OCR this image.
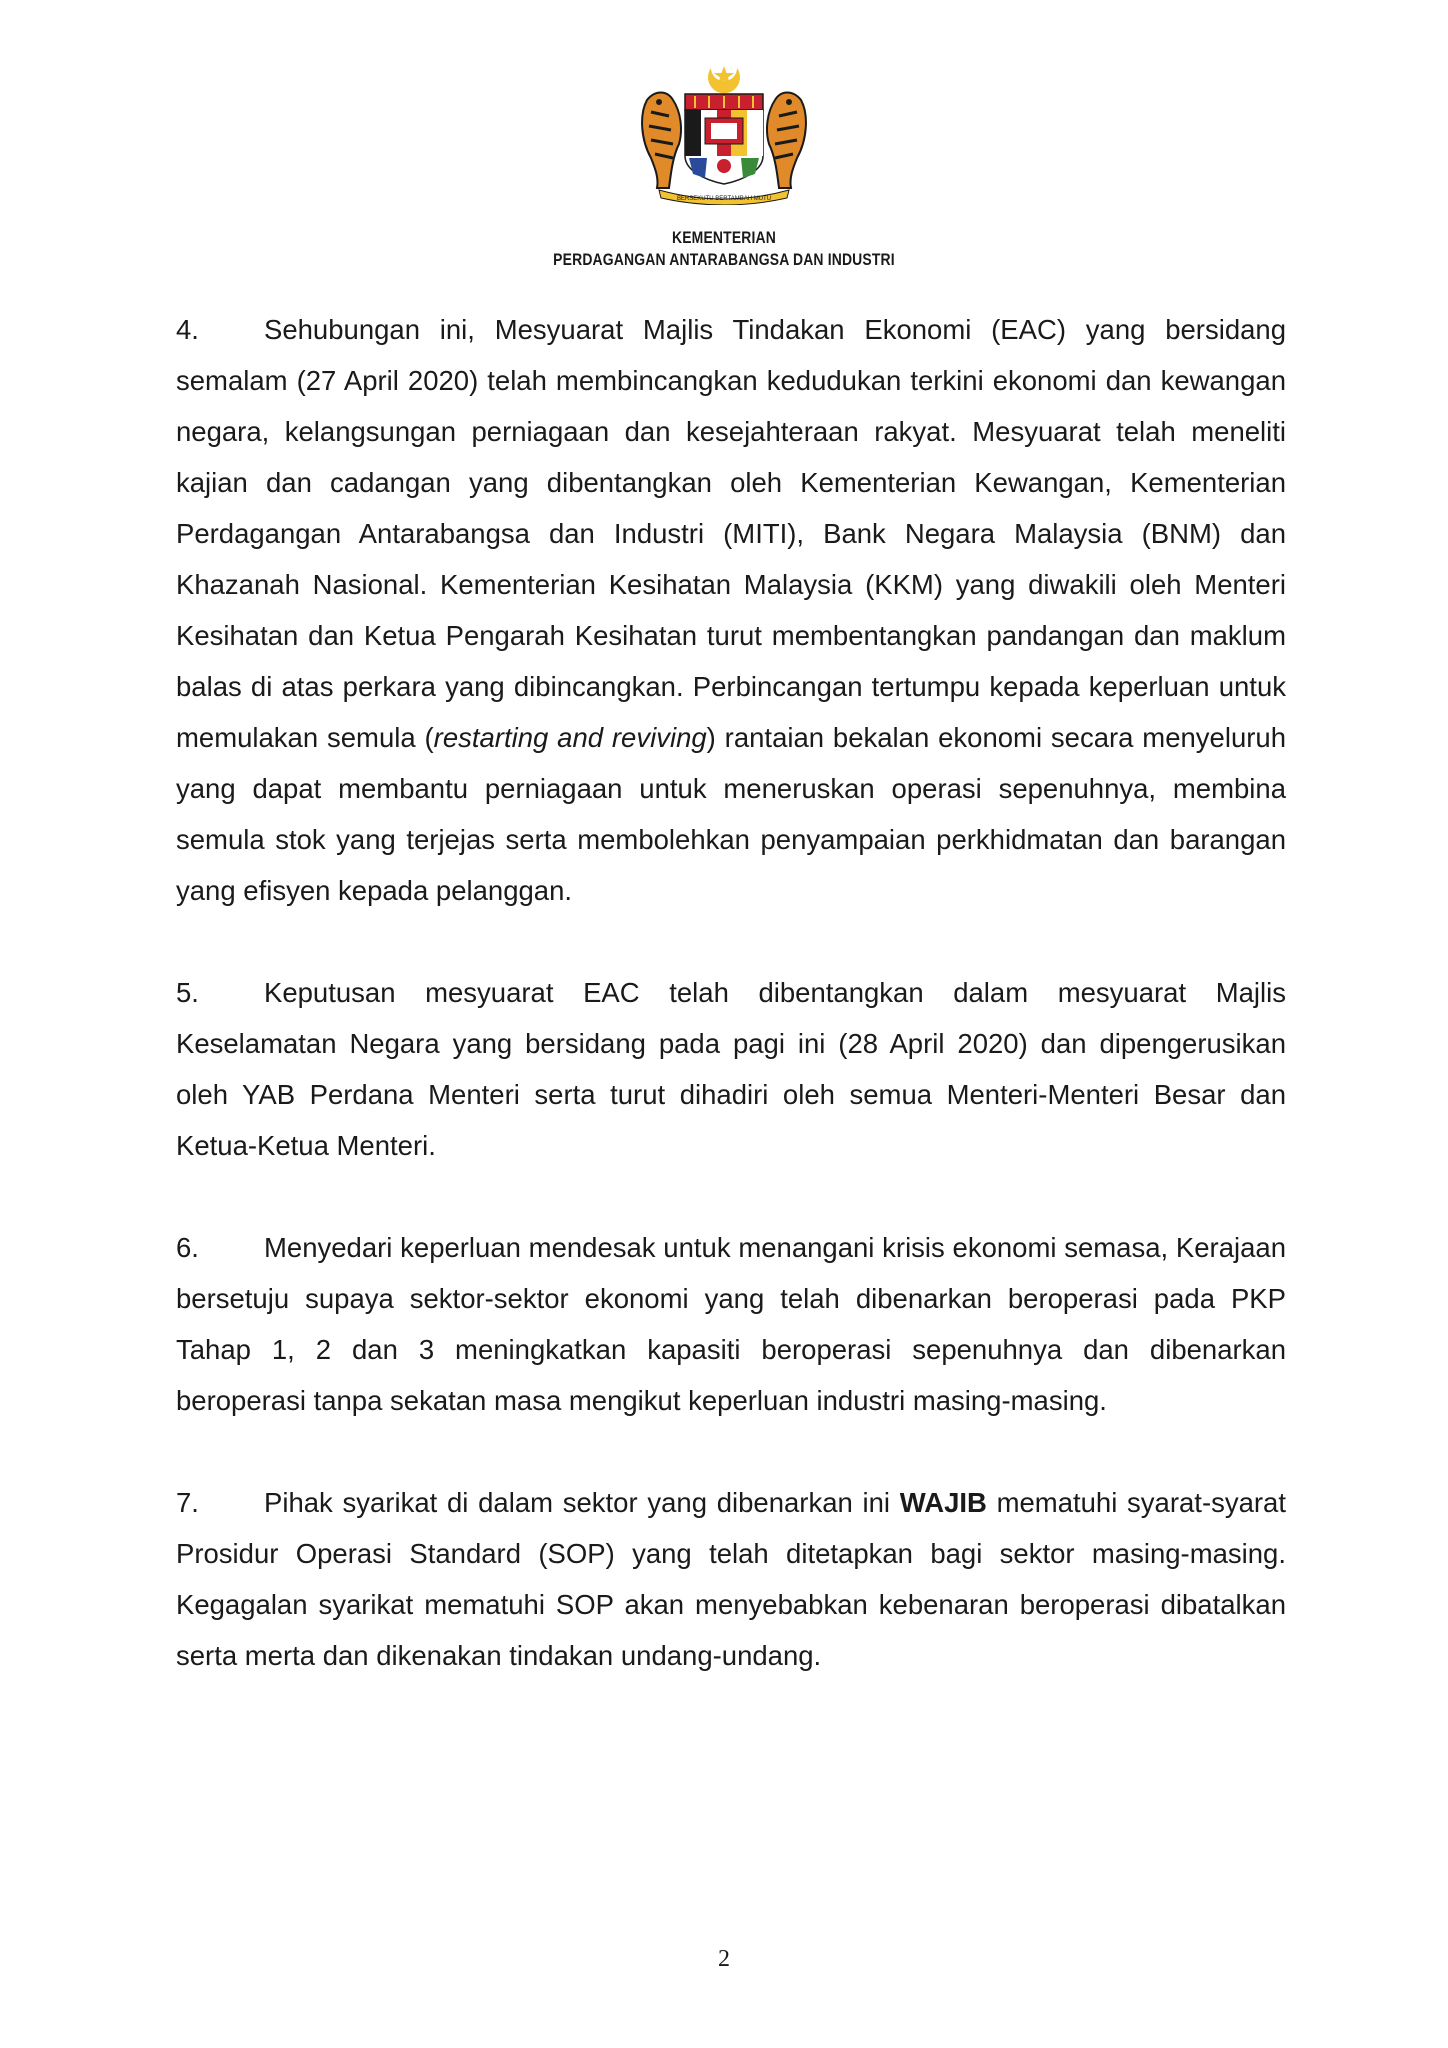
BERSEKUTU BERTAMBAH MUTU
KEMENTERIAN
PERDAGANGAN ANTARABANGSA DAN INDUSTRI

4. Sehubungan ini, Mesyuarat Majlis Tindakan Ekonomi (EAC) yang bersidang semalam (27 April 2020) telah membincangkan kedudukan terkini ekonomi dan kewangan negara, kelangsungan perniagaan dan kesejahteraan rakyat. Mesyuarat telah meneliti kajian dan cadangan yang dibentangkan oleh Kementerian Kewangan, Kementerian Perdagangan Antarabangsa dan Industri (MITI), Bank Negara Malaysia (BNM) dan Khazanah Nasional. Kementerian Kesihatan Malaysia (KKM) yang diwakili oleh Menteri Kesihatan dan Ketua Pengarah Kesihatan turut membentangkan pandangan dan maklum balas di atas perkara yang dibincangkan. Perbincangan tertumpu kepada keperluan untuk memulakan semula (restarting and reviving) rantaian bekalan ekonomi secara menyeluruh yang dapat membantu perniagaan untuk meneruskan operasi sepenuhnya, membina semula stok yang terjejas serta membolehkan penyampaian perkhidmatan dan barangan yang efisyen kepada pelanggan.

5. Keputusan mesyuarat EAC telah dibentangkan dalam mesyuarat Majlis Keselamatan Negara yang bersidang pada pagi ini (28 April 2020) dan dipengerusikan oleh YAB Perdana Menteri serta turut dihadiri oleh semua Menteri-Menteri Besar dan Ketua-Ketua Menteri.

6. Menyedari keperluan mendesak untuk menangani krisis ekonomi semasa, Kerajaan bersetuju supaya sektor-sektor ekonomi yang telah dibenarkan beroperasi pada PKP Tahap 1, 2 dan 3 meningkatkan kapasiti beroperasi sepenuhnya dan dibenarkan beroperasi tanpa sekatan masa mengikut keperluan industri masing-masing.

7. Pihak syarikat di dalam sektor yang dibenarkan ini WAJIB mematuhi syarat-syarat Prosidur Operasi Standard (SOP) yang telah ditetapkan bagi sektor masing-masing. Kegagalan syarikat mematuhi SOP akan menyebabkan kebenaran beroperasi dibatalkan serta merta dan dikenakan tindakan undang-undang.

2
